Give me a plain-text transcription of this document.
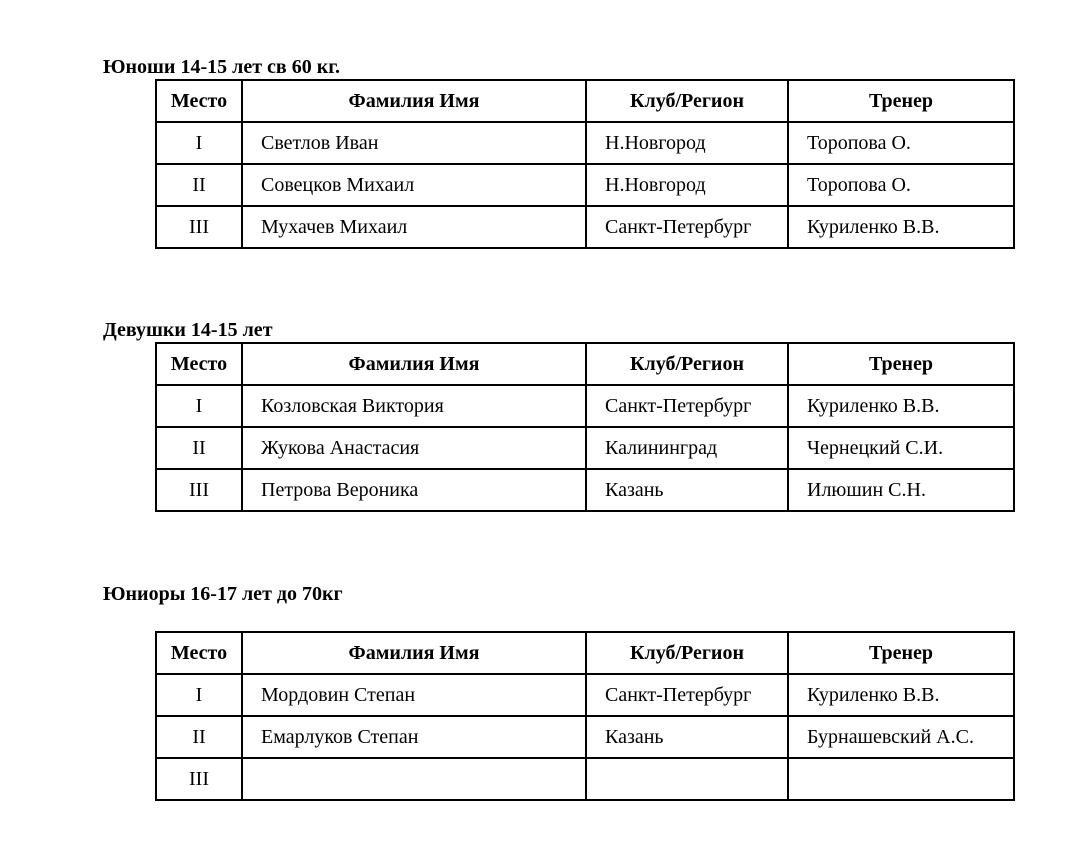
Юноши 14-15 лет св 60 кг.
Место	Фамилия Имя	Клуб/Регион	Тренер
I	Светлов Иван	Н.Новгород	Торопова О.
II	Совецков Михаил	Н.Новгород	Торопова О.
III	Мухачев Михаил	Санкт-Петербург	Куриленко В.В.
Девушки 14-15 лет
Место	Фамилия Имя	Клуб/Регион	Тренер
I	Козловская Виктория	Санкт-Петербург	Куриленко В.В.
II	Жукова Анастасия	Калининград	Чернецкий С.И.
III	Петрова Вероника	Казань	Илюшин С.Н.
Юниоры 16-17 лет до 70кг
Место	Фамилия Имя	Клуб/Регион	Тренер
I	Мордовин Степан	Санкт-Петербург	Куриленко В.В.
II	Емарлуков Степан	Казань	Бурнашевский А.С.
III			
